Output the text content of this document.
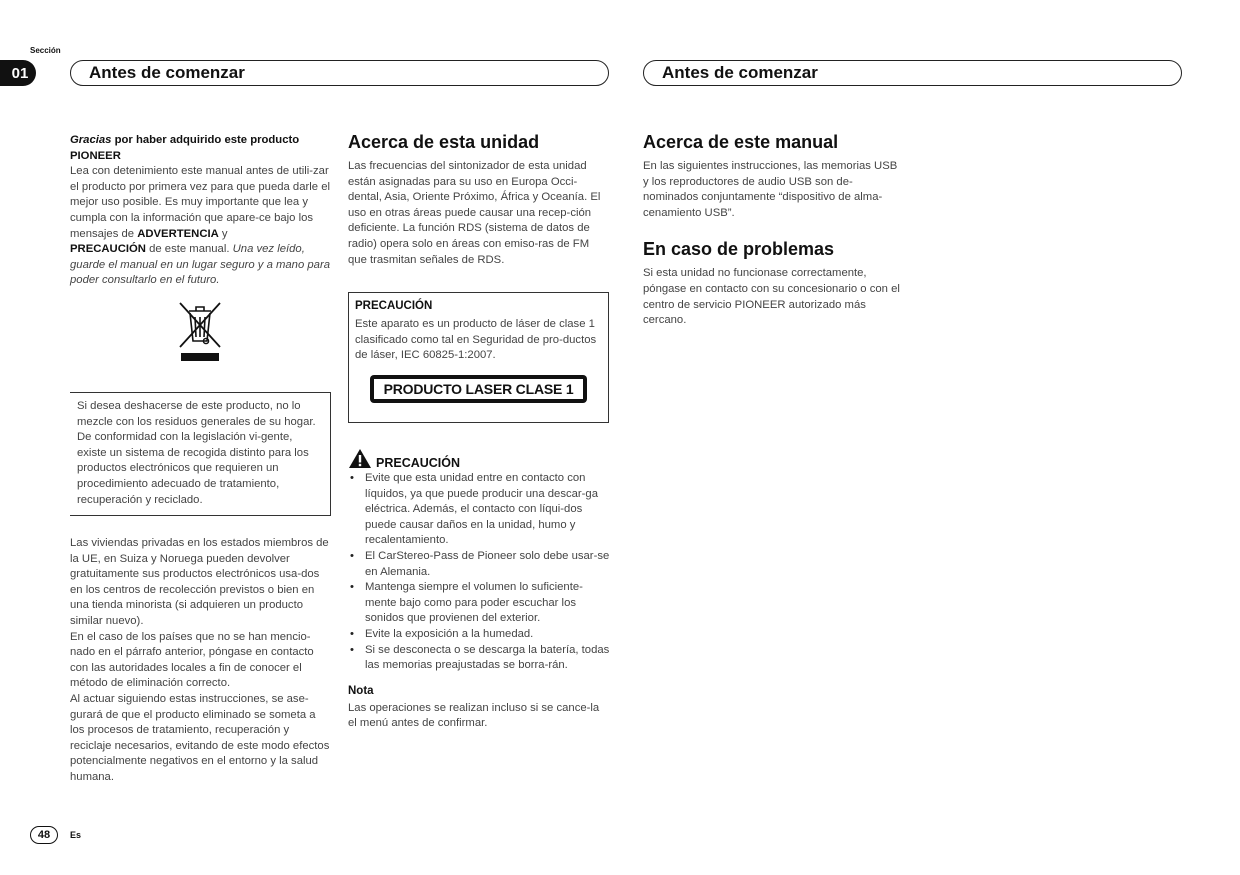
Sección
01	Antes de comenzar	Antes de comenzar

Gracias por haber adquirido este producto
PIONEER

Lea con detenimiento este manual antes de utili-zar el producto por primera vez para que pueda darle el mejor uso posible. Es muy importante que lea y cumpla con la información que apare-ce bajo los mensajes de ADVERTENCIA y
PRECAUCIÓN de este manual. Una vez leído, guarde el manual en un lugar seguro y a mano para poder consultarlo en el futuro.

Si desea deshacerse de este producto, no lo mezcle con los residuos generales de su hogar. De conformidad con la legislación vi-gente, existe un sistema de recogida distinto para los productos electrónicos que requieren un procedimiento adecuado de tratamiento, recuperación y reciclado.

Las viviendas privadas en los estados miembros de la UE, en Suiza y Noruega pueden devolver gratuitamente sus productos electrónicos usa-dos en los centros de recolección previstos o bien en una tienda minorista (si adquieren un producto similar nuevo).

En el caso de los países que no se han mencio-nado en el párrafo anterior, póngase en contacto con las autoridades locales a fin de conocer el método de eliminación correcto.

Al actuar siguiendo estas instrucciones, se ase-gurará de que el producto eliminado se someta a los procesos de tratamiento, recuperación y reciclaje necesarios, evitando de este modo efectos potencialmente negativos en el entorno y la salud humana.

Acerca de esta unidad

Las frecuencias del sintonizador de esta unidad están asignadas para su uso en Europa Occi-dental, Asia, Oriente Próximo, África y Oceanía. El uso en otras áreas puede causar una recep-ción deficiente. La función RDS (sistema de datos de radio) opera solo en áreas con emiso-ras de FM que trasmitan señales de RDS.

PRECAUCIÓN

Este aparato es un producto de láser de clase 1 clasificado como tal en Seguridad de pro-ductos de láser, IEC 60825-1:2007.

PRODUCTO LASER CLASE 1
PRECAUCIÓN
• Evite que esta unidad entre en contacto con líquidos, ya que puede producir una descar-ga eléctrica. Además, el contacto con líqui-dos puede causar daños en la unidad, humo y recalentamiento.
• El CarStereo-Pass de Pioneer solo debe usar-se en Alemania.
• Mantenga siempre el volumen lo suficiente-mente bajo como para poder escuchar los sonidos que provienen del exterior.
• Evite la exposición a la humedad.
• Si se desconecta o se descarga la batería, todas las memorias preajustadas se borra-rán.
Nota

Las operaciones se realizan incluso si se cance-la el menú antes de confirmar.

Acerca de este manual

En las siguientes instrucciones, las memorias USB y los reproductores de audio USB son de-nominados conjuntamente “dispositivo de alma-cenamiento USB”.

En caso de problemas

Si esta unidad no funcionase correctamente, póngase en contacto con su concesionario o con el centro de servicio PIONEER autorizado más cercano.

48	Es
